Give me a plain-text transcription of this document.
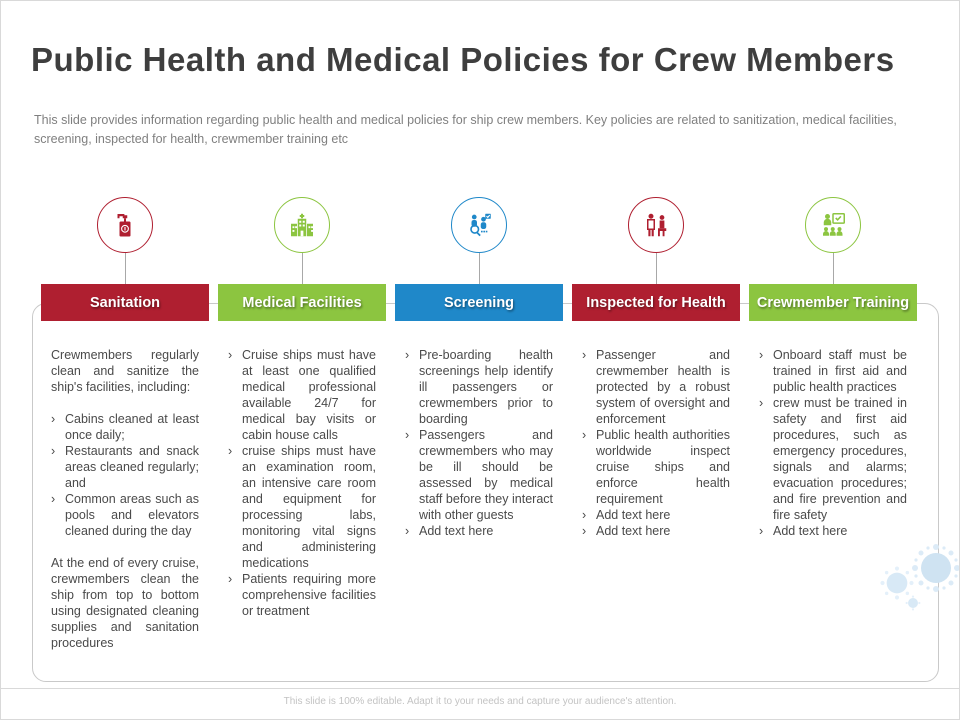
Public Health and Medical Policies for Crew Members

This slide provides information regarding public health and medical policies for ship crew members. Key policies are related to sanitization, medical facilities, screening, inspected for health, crewmember training etc

Sanitation

Crewmembers regularly clean and sanitize the ship's facilities, including:

› Cabins cleaned at least once daily;
› Restaurants and snack areas cleaned regularly; and
› Common areas such as pools and elevators cleaned during the day

At the end of every cruise, crewmembers clean the ship from top to bottom using designated cleaning supplies and sanitation procedures

Medical Facilities
› Cruise ships must have at least one qualified medical professional available 24/7 for medical bay visits or cabin house calls
› cruise ships must have an examination room, an intensive care room and equipment for processing labs, monitoring vital signs and administering medications
› Patients requiring more comprehensive facilities or treatment
Screening
› Pre-boarding health screenings help identify ill passengers or crewmembers prior to boarding
› Passengers and crewmembers who may be ill should be assessed by medical staff before they interact with other guests
› Add text here
Inspected for Health
› Passenger and crewmember health is protected by a robust system of oversight and enforcement
› Public health authorities worldwide inspect cruise ships and enforce health requirement
› Add text here
› Add text here
Crewmember Training
› Onboard staff must be trained in first aid and public health practices
› crew must be trained in safety and first aid procedures, such as emergency procedures, signals and alarms; evacuation procedures; and fire prevention and fire safety
› Add text here

This slide is 100% editable. Adapt it to your needs and capture your audience's attention.
